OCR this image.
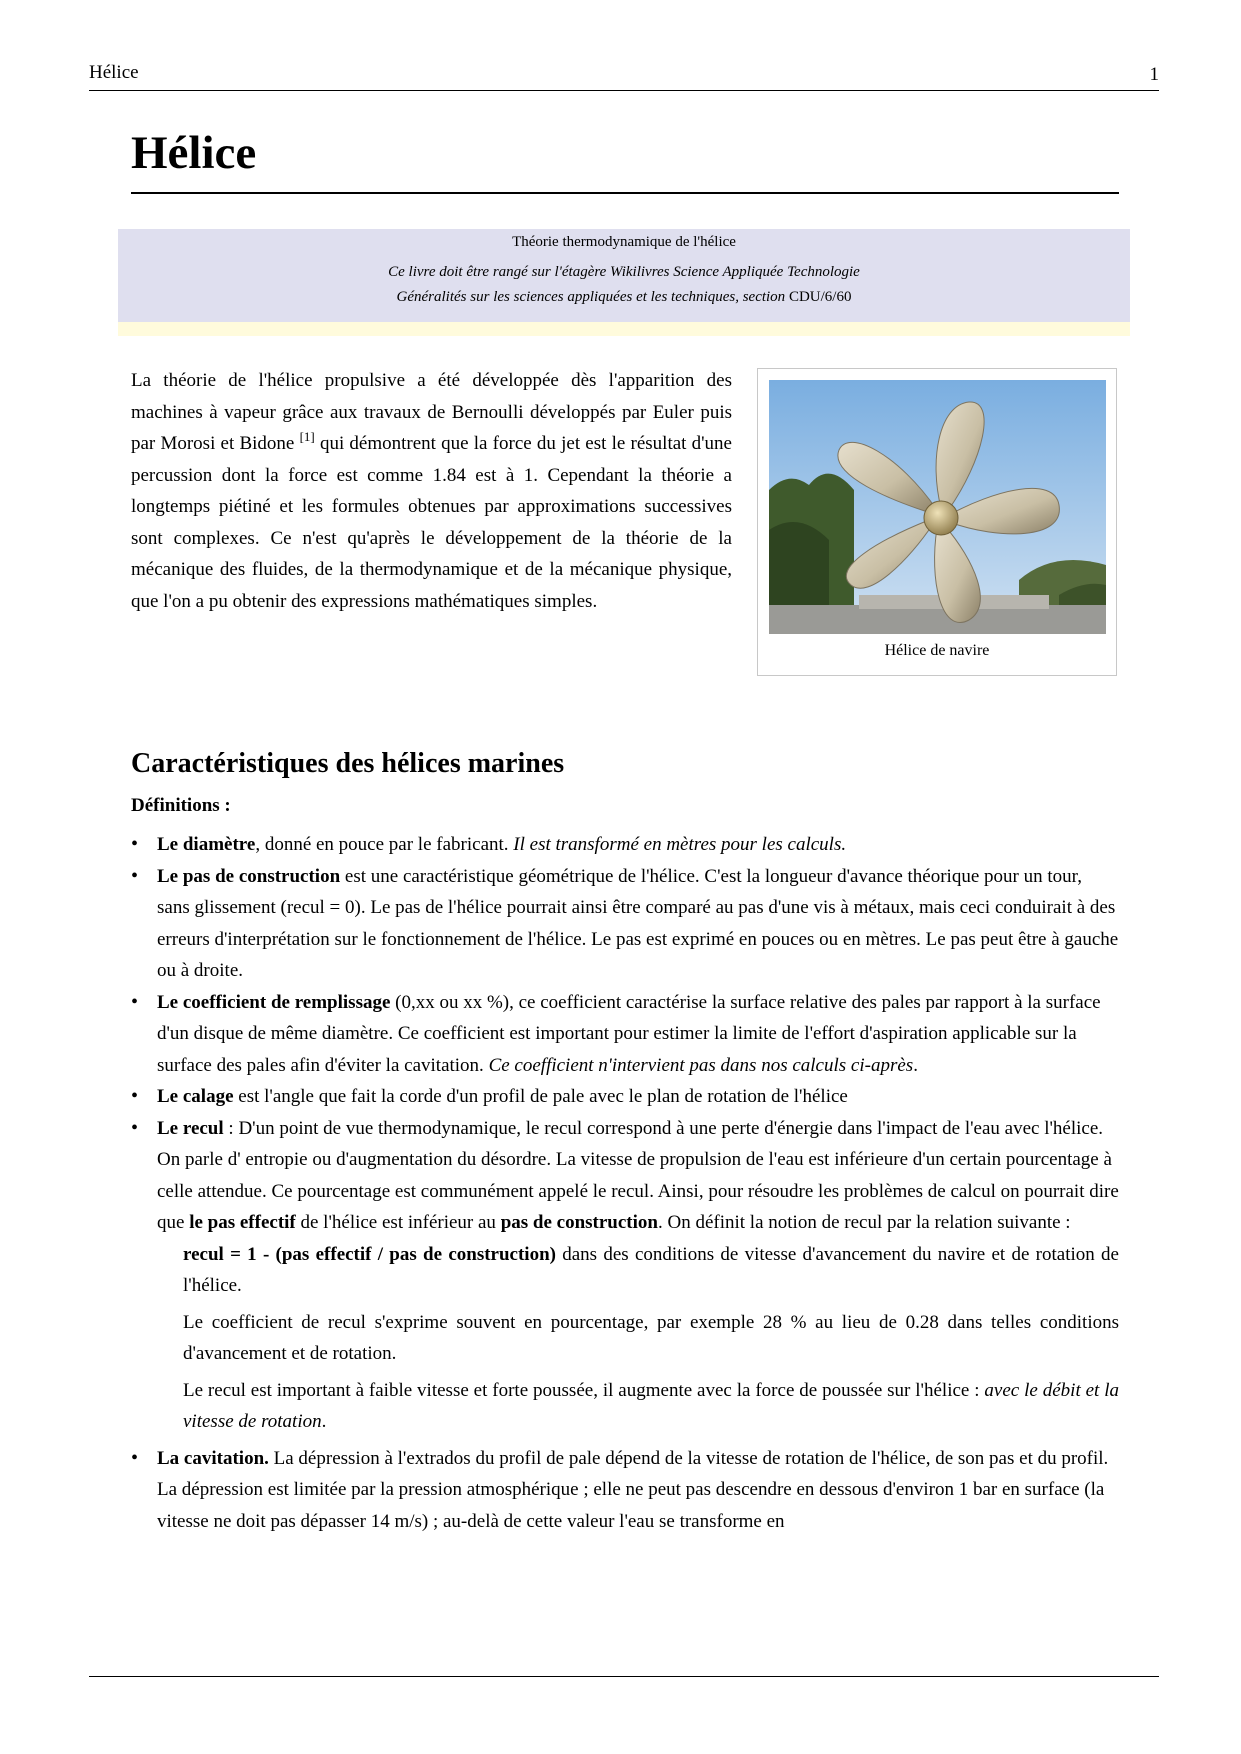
Hélice	1
Hélice
Théorie thermodynamique de l'hélice
Ce livre doit être rangé sur l'étagère Wikilivres Science Appliquée Technologie
Généralités sur les sciences appliquées et les techniques, section CDU/6/60

La théorie de l'hélice propulsive a été développée dès l'apparition des machines à vapeur grâce aux travaux de Bernoulli développés par Euler puis par Morosi et Bidone [1] qui démontrent que la force du jet est le résultat d'une percussion dont la force est comme 1.84 est à 1. Cependant la théorie a longtemps piétiné et les formules obtenues par approximations successives sont complexes. Ce n'est qu'après le développement de la théorie de la mécanique des fluides, de la thermodynamique et de la mécanique physique, que l'on a pu obtenir des expressions mathématiques simples.

Hélice de navire
Caractéristiques des hélices marines
Définitions :
• Le diamètre, donné en pouce par le fabricant. Il est transformé en mètres pour les calculs.
• Le pas de construction est une caractéristique géométrique de l'hélice. C'est la longueur d'avance théorique pour un tour, sans glissement (recul = 0). Le pas de l'hélice pourrait ainsi être comparé au pas d'une vis à métaux, mais ceci conduirait à des erreurs d'interprétation sur le fonctionnement de l'hélice. Le pas est exprimé en pouces ou en mètres. Le pas peut être à gauche ou à droite.
• Le coefficient de remplissage (0,xx ou xx %), ce coefficient caractérise la surface relative des pales par rapport à la surface d'un disque de même diamètre. Ce coefficient est important pour estimer la limite de l'effort d'aspiration applicable sur la surface des pales afin d'éviter la cavitation. Ce coefficient n'intervient pas dans nos calculs ci-après.
• Le calage est l'angle que fait la corde d'un profil de pale avec le plan de rotation de l'hélice
• Le recul : D'un point de vue thermodynamique, le recul correspond à une perte d'énergie dans l'impact de l'eau avec l'hélice. On parle d' entropie ou d'augmentation du désordre. La vitesse de propulsion de l'eau est inférieure d'un certain pourcentage à celle attendue. Ce pourcentage est communément appelé le recul. Ainsi, pour résoudre les problèmes de calcul on pourrait dire que le pas effectif de l'hélice est inférieur au pas de construction. On définit la notion de recul par la relation suivante :

recul = 1 - (pas effectif / pas de construction) dans des conditions de vitesse d'avancement du navire et de rotation de l'hélice.

Le coefficient de recul s'exprime souvent en pourcentage, par exemple 28 % au lieu de 0.28 dans telles conditions d'avancement et de rotation.

Le recul est important à faible vitesse et forte poussée, il augmente avec la force de poussée sur l'hélice : avec le débit et la vitesse de rotation.

• La cavitation. La dépression à l'extrados du profil de pale dépend de la vitesse de rotation de l'hélice, de son pas et du profil. La dépression est limitée par la pression atmosphérique ; elle ne peut pas descendre en dessous d'environ 1 bar en surface (la vitesse ne doit pas dépasser 14 m/s) ; au-delà de cette valeur l'eau se transforme en
